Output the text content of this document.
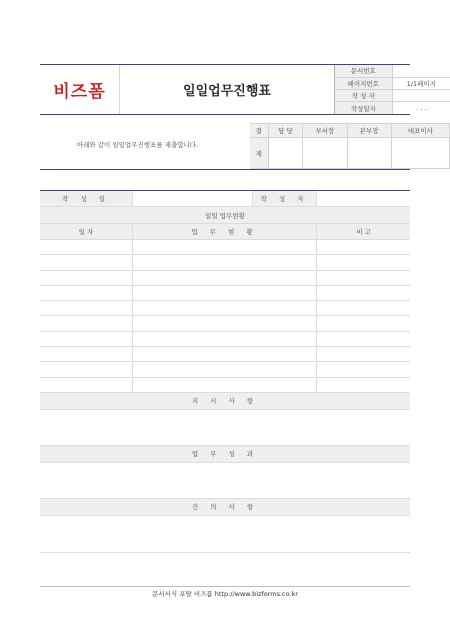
비즈폼	일일업무진행표
문서번호	
페이지번호	1/1페이지
작 성 자	
작성일자	. . .
아래와 같이 일일업무진행표를 제출합니다.
결	담 당	부서장	본부장	대표이사
재				
작 성 일	작 성 자
일일 업무현황
일 자	업 무 현 황	비 고
지 시 사 항
업 무 성 과
건 의 사 항
문서서식 포탈 비즈폼 http://www.bizforms.co.kr
